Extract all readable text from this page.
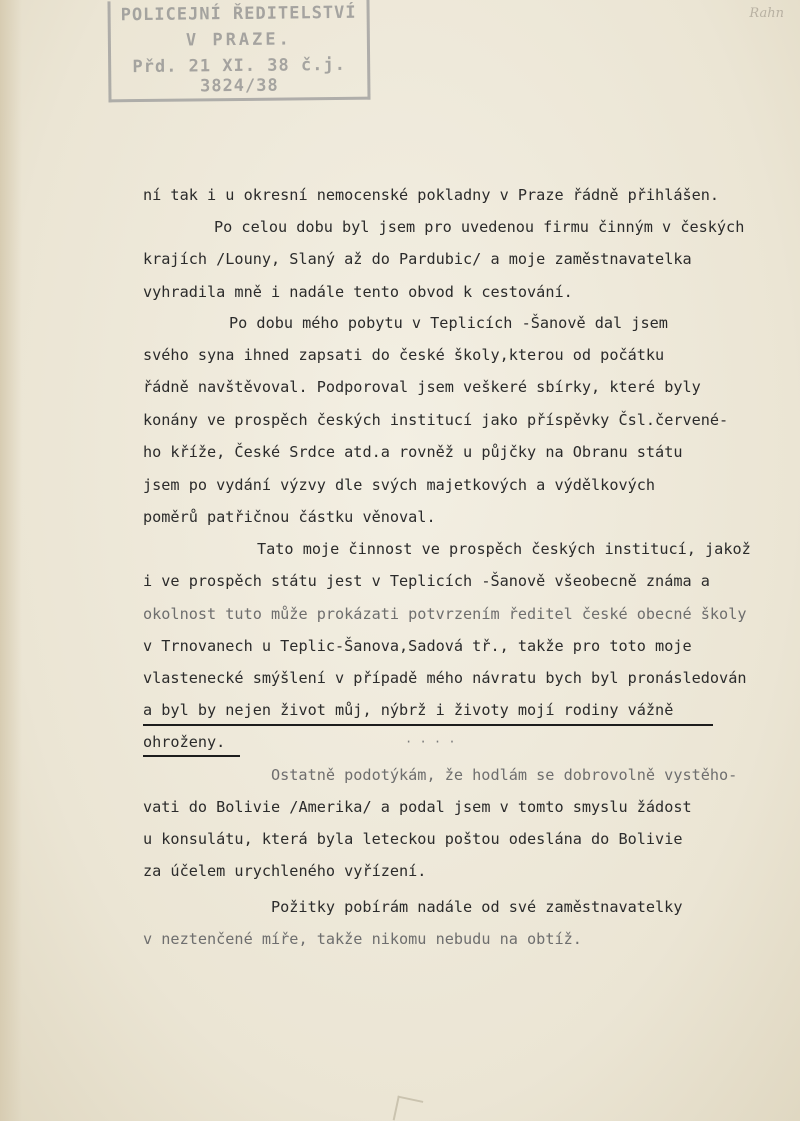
POLICEJNÍ ŘEDITELSTVÍ
V PRAZE.
Přd. 21 XI. 38 č.j. 3824/38
Rahn
ní tak i u okresní nemocenské pokladny v Praze řádně přihlášen.
Po celou dobu byl jsem pro uvedenou firmu činným v českých
krajích /Louny, Slaný až do Pardubic/ a moje zaměstnavatelka
vyhradila mně i nadále tento obvod k cestování.
Po dobu mého pobytu v Teplicích -Šanově dal jsem
svého syna ihned zapsati do české školy,kterou od počátku
řádně navštěvoval. Podporoval jsem veškeré sbírky, které byly
konány ve prospěch českých institucí jako příspěvky Čsl.červené-
ho kříže, České Srdce atd.a rovněž u půjčky na Obranu státu
jsem po vydání výzvy dle svých majetkových a výdělkových
poměrů patřičnou částku věnoval.
Tato moje činnost ve prospěch českých institucí, jakož
i ve prospěch státu jest v Teplicích -Šanově všeobecně známa a
okolnost tuto může prokázati potvrzením ředitel české obecné školy
v Trnovanech u Teplic-Šanova,Sadová tř., takže pro toto moje
vlastenecké smýšlení v případě mého návratu bych byl pronásledován
a byl by nejen život můj, nýbrž i životy mojí rodiny vážně
ohroženy.	· · · ·
Ostatně podotýkám, že hodlám se dobrovolně vystěho-
vati do Bolivie /Amerika/ a podal jsem v tomto smyslu žádost
u konsulátu, která byla leteckou poštou odeslána do Bolivie
za účelem urychleného vyřízení.
Požitky pobírám nadále od své zaměstnavatelky
v neztenčené míře, takže nikomu nebudu na obtíž.
